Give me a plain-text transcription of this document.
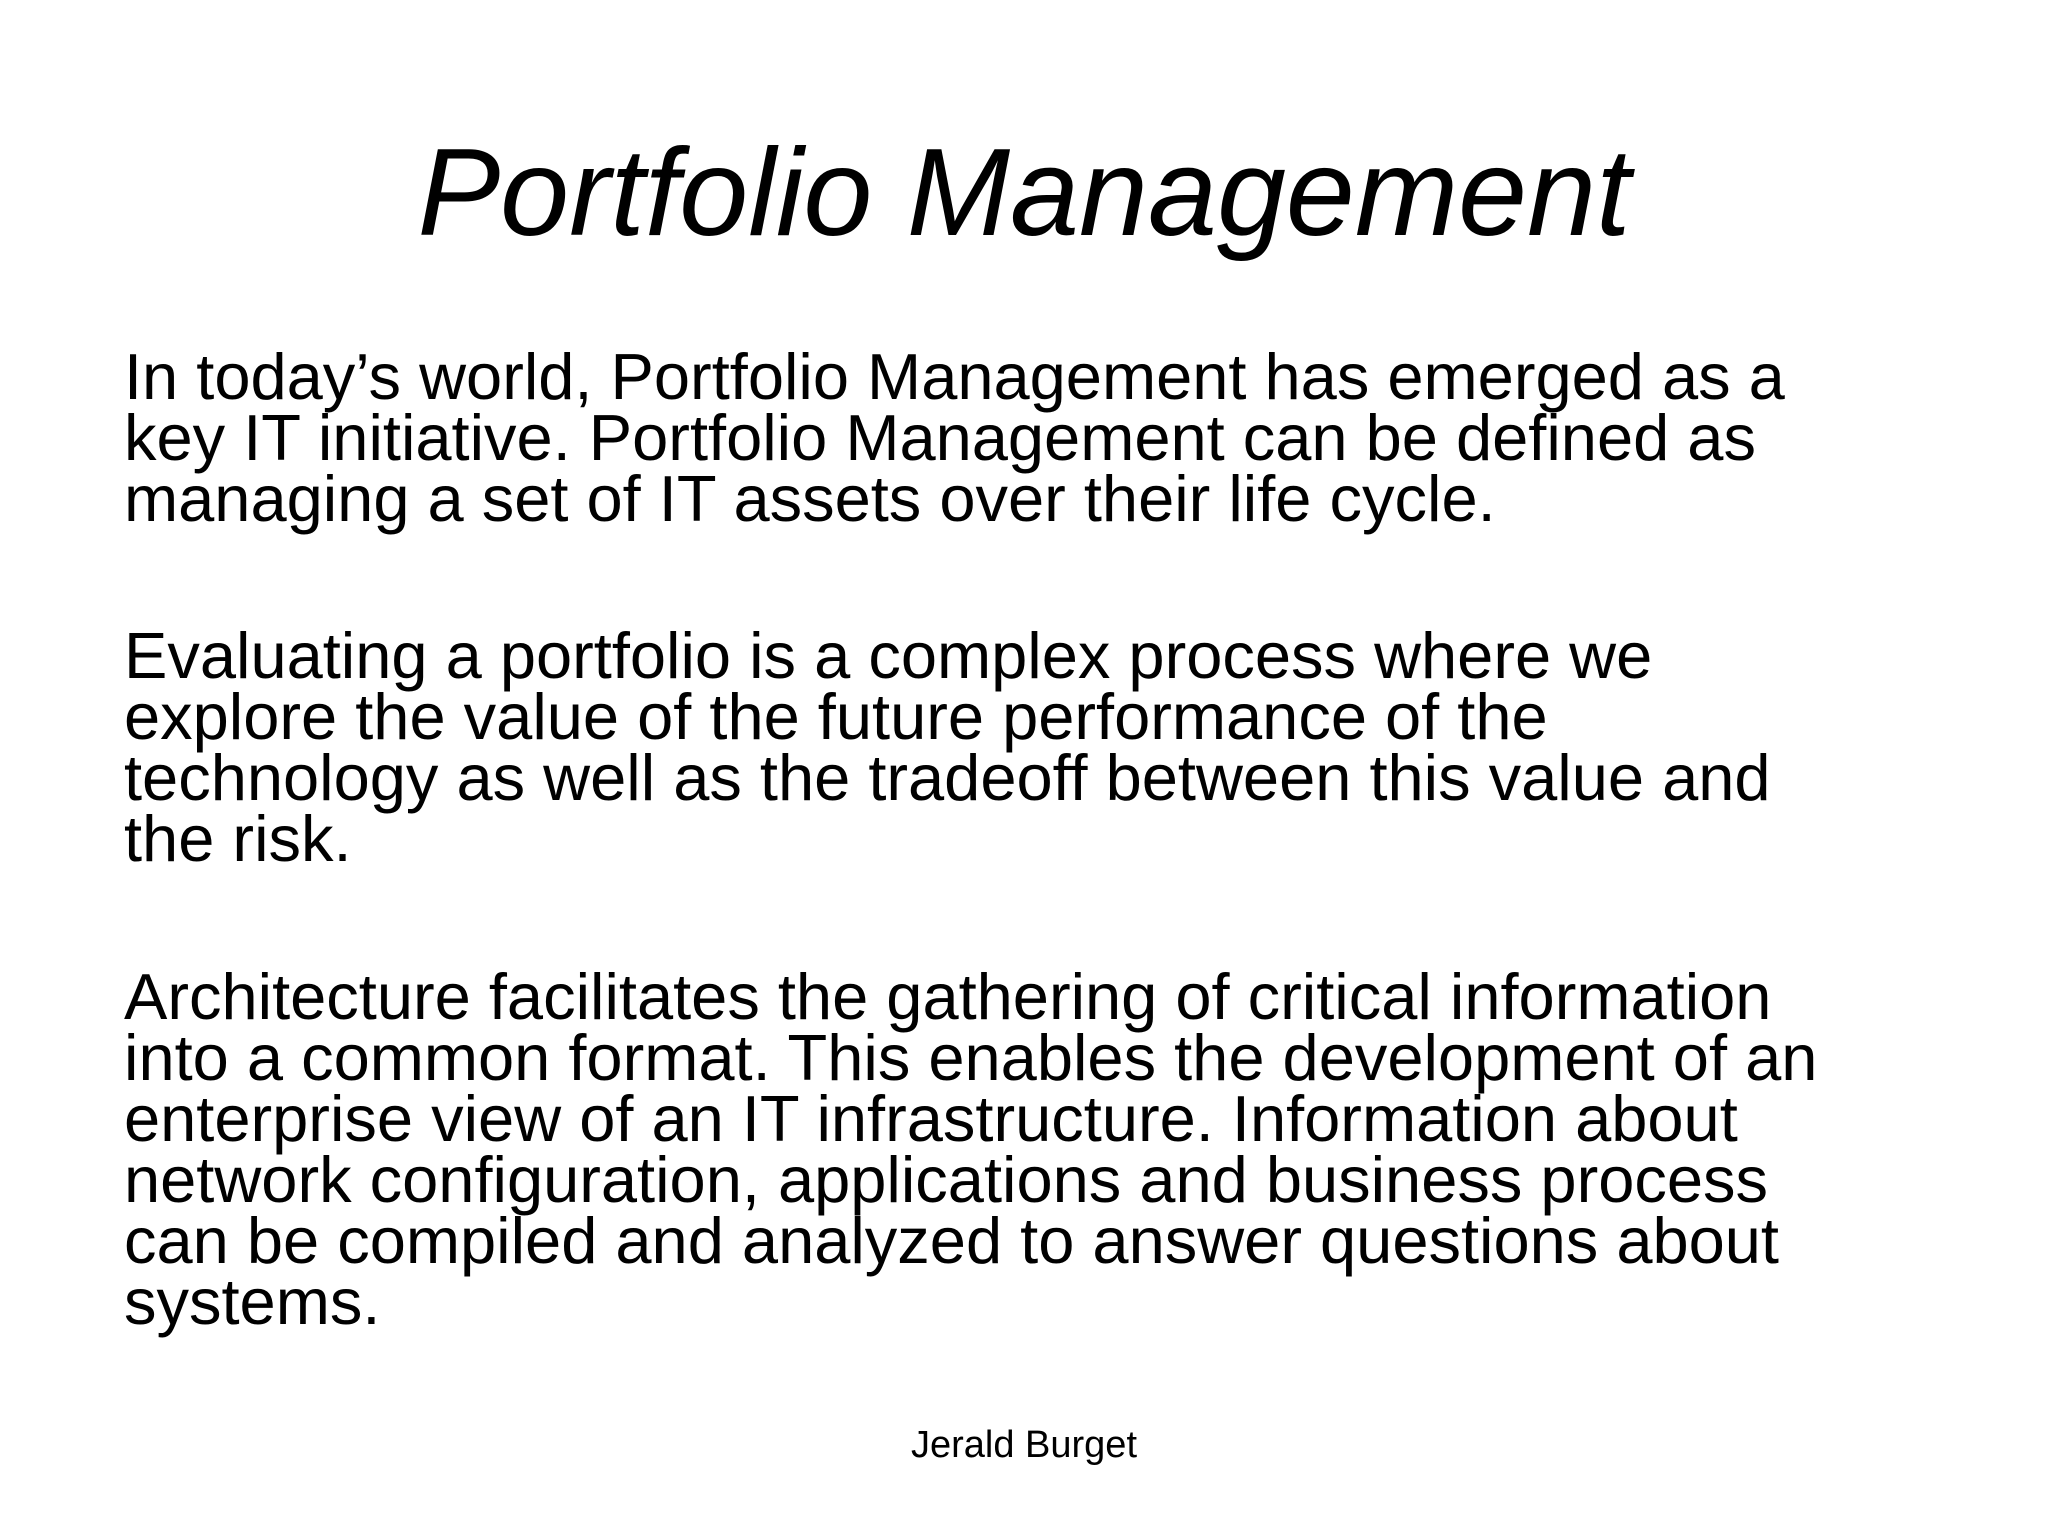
Portfolio Management

In today’s world, Portfolio Management has emerged as a
key IT initiative. Portfolio Management can be defined as
managing a set of IT assets over their life cycle.

Evaluating a portfolio is a complex process where we
explore the value of the future performance of the
technology as well as the tradeoff between this value and
the risk.

Architecture facilitates the gathering of critical information
into a common format. This enables the development of an
enterprise view of an IT infrastructure. Information about
network configuration, applications and business process
can be compiled and analyzed to answer questions about
systems.

Jerald Burget
